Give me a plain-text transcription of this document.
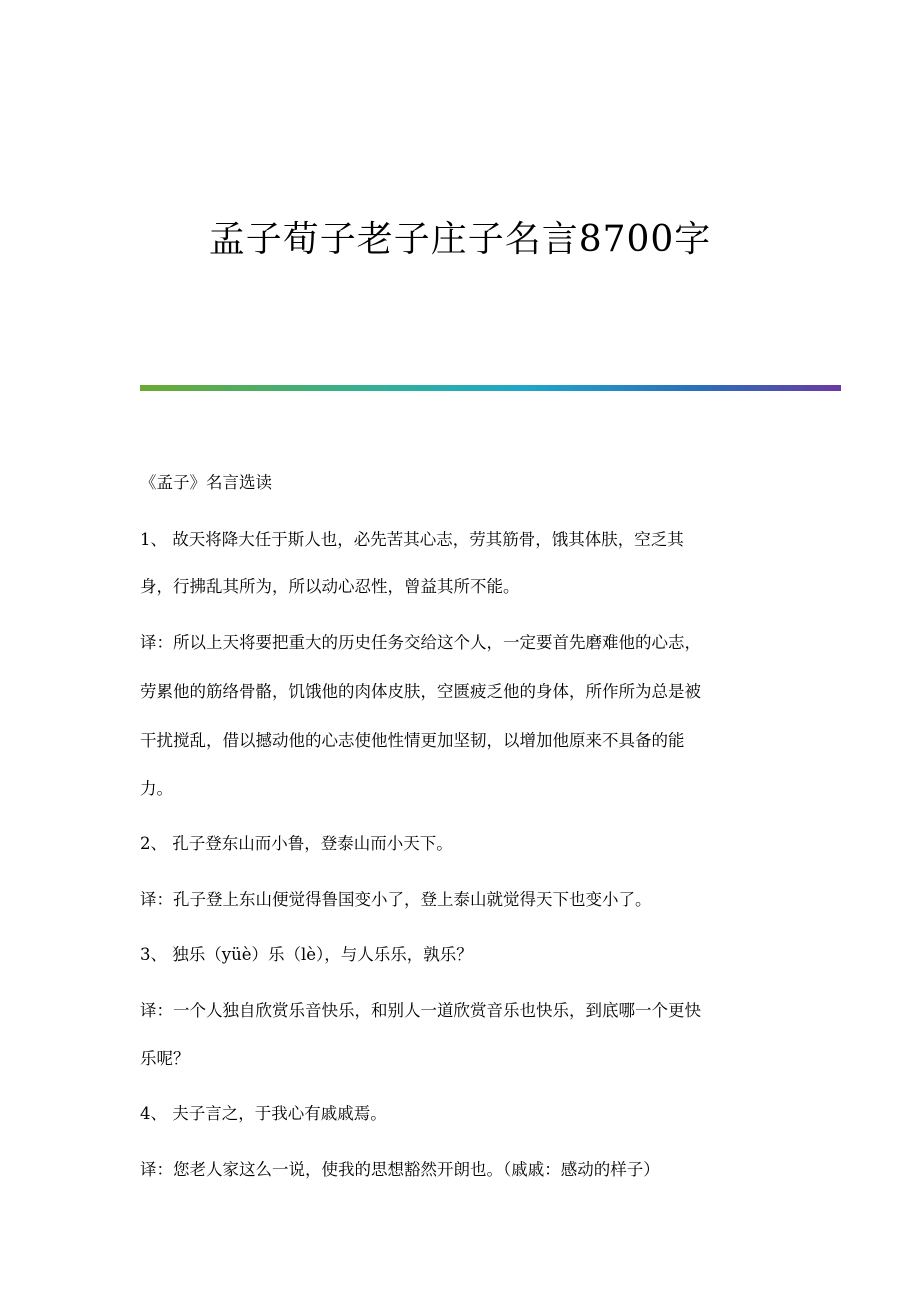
孟子荀子老子庄子名言8700字
《孟子》名言选读
1、 故天将降大任于斯人也，必先苦其心志，劳其筋骨，饿其体肤，空乏其
身，行拂乱其所为，所以动心忍性，曾益其所不能。
译：所以上天将要把重大的历史任务交给这个人，一定要首先磨难他的心志，
劳累他的筋络骨骼，饥饿他的肉体皮肤，空匮疲乏他的身体，所作所为总是被
干扰搅乱，借以撼动他的心志使他性情更加坚韧，以增加他原来不具备的能
力。
2、 孔子登东山而小鲁，登泰山而小天下。
译：孔子登上东山便觉得鲁国变小了，登上泰山就觉得天下也变小了。
3、 独乐（yüè）乐（lè），与人乐乐，孰乐？
译：一个人独自欣赏乐音快乐，和别人一道欣赏音乐也快乐，到底哪一个更快
乐呢？
4、 夫子言之，于我心有戚戚焉。
译：您老人家这么一说，使我的思想豁然开朗也。（戚戚：感动的样子）
